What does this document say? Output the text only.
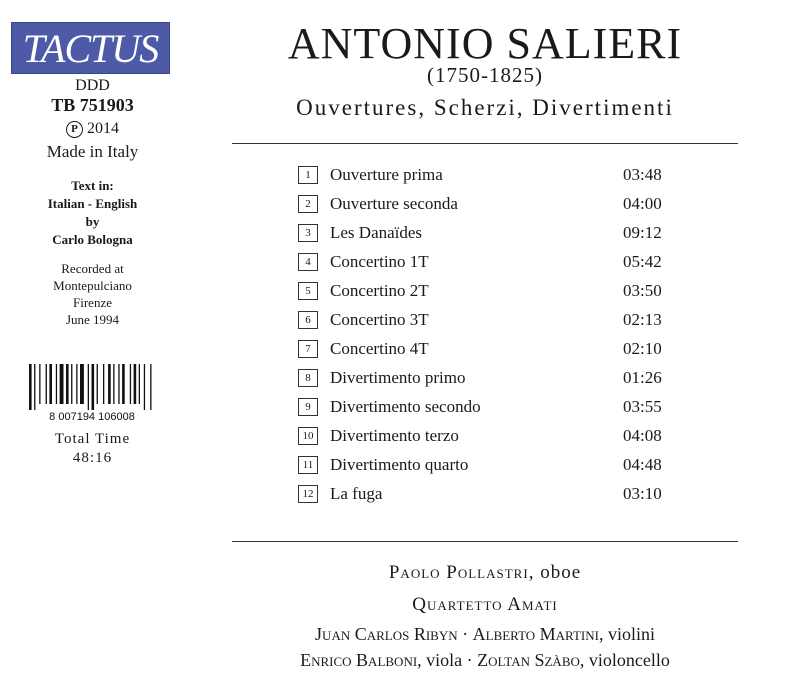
TACTUS
DDD
TB 751903
P 2014
Made in Italy
Text in:
Italian - English
by
Carlo Bologna
Recorded at
Montepulciano
Firenze
June 1994
8 007194 106008
Total Time
48:16
ANTONIO SALIERI
(1750-1825)
Ouvertures, Scherzi, Divertimenti
1	Ouverture prima	03:48
2	Ouverture seconda	04:00
3	Les Danaïdes	09:12
4	Concertino 1T	05:42
5	Concertino 2T	03:50
6	Concertino 3T	02:13
7	Concertino 4T	02:10
8	Divertimento primo	01:26
9	Divertimento secondo	03:55
10 Divertimento terzo	04:08
11 Divertimento quarto	04:48
12 La fuga	03:10
Paolo Pollastri, oboe
Quartetto Amati
Juan Carlos Ribyn · Alberto Martini, violini
Enrico Balboni, viola · Zoltan Szàbo, violoncello
